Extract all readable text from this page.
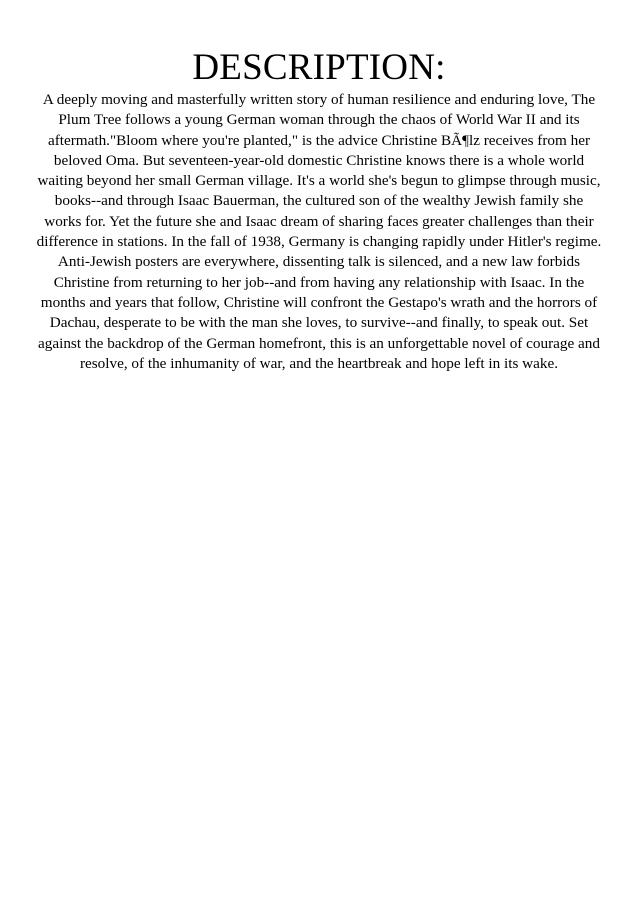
DESCRIPTION:

A deeply moving and masterfully written story of human resilience and enduring love, The
Plum Tree follows a young German woman through the chaos of World War II and its
aftermath."Bloom where you're planted," is the advice Christine BÃ¶lz receives from her
beloved Oma. But seventeen-year-old domestic Christine knows there is a whole world
waiting beyond her small German village. It's a world she's begun to glimpse through music,
books--and through Isaac Bauerman, the cultured son of the wealthy Jewish family she
works for. Yet the future she and Isaac dream of sharing faces greater challenges than their
difference in stations. In the fall of 1938, Germany is changing rapidly under Hitler's regime.
Anti-Jewish posters are everywhere, dissenting talk is silenced, and a new law forbids
Christine from returning to her job--and from having any relationship with Isaac. In the
months and years that follow, Christine will confront the Gestapo's wrath and the horrors of
Dachau, desperate to be with the man she loves, to survive--and finally, to speak out. Set
against the backdrop of the German homefront, this is an unforgettable novel of courage and
resolve, of the inhumanity of war, and the heartbreak and hope left in its wake.
